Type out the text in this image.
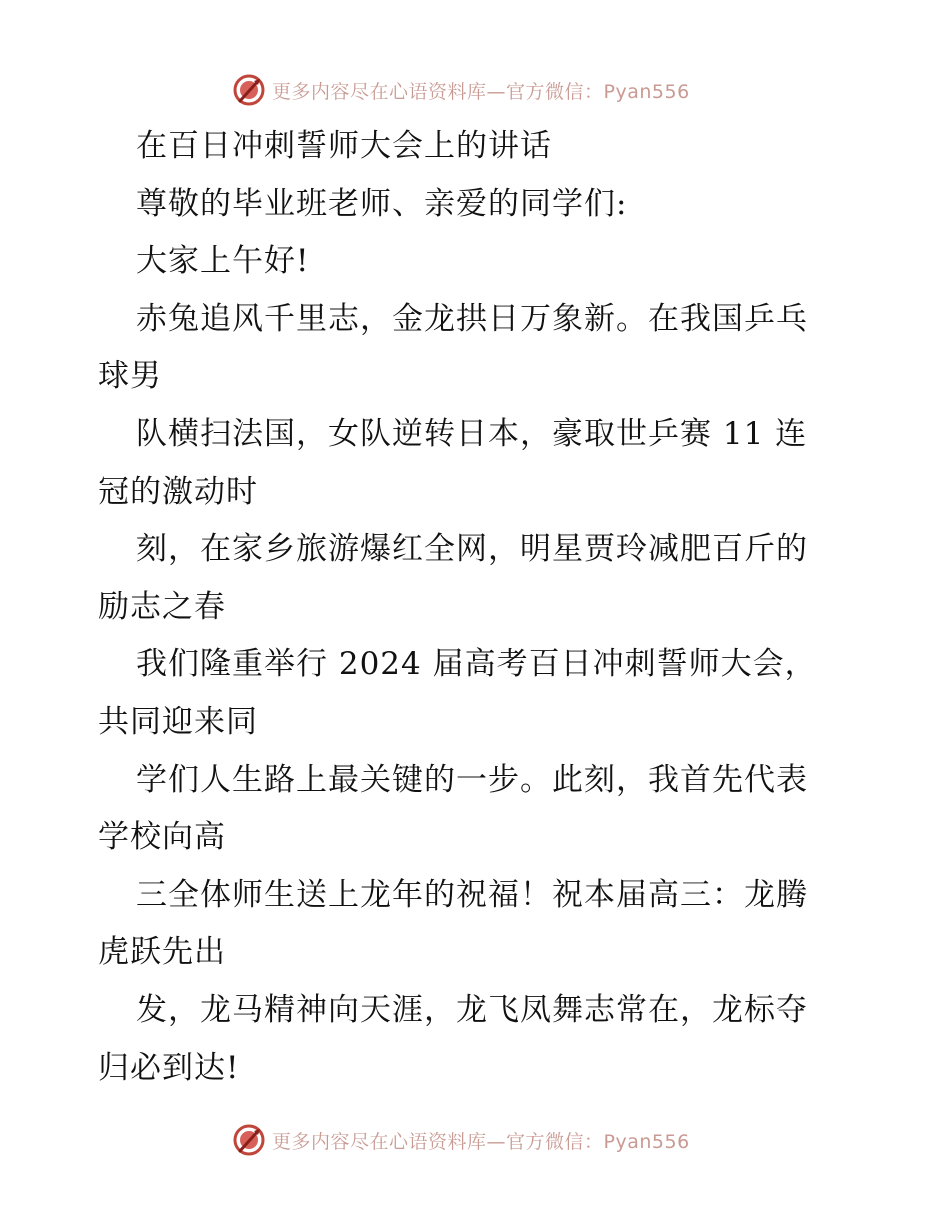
更多内容尽在心语资料库—官方微信：Pyan556
在百日冲刺誓师大会上的讲话
尊敬的毕业班老师、亲爱的同学们:
大家上午好!
赤兔追风千里志，金龙拱日万象新。在我国乒乓
球男
队横扫法国，女队逆转日本，豪取世乒赛 11 连
冠的激动时
刻，在家乡旅游爆红全网，明星贾玲减肥百斤的
励志之春
我们隆重举行 2024 届高考百日冲刺誓师大会，
共同迎来同
学们人生路上最关键的一步。此刻，我首先代表
学校向高
三全体师生送上龙年的祝福！祝本届高三：龙腾
虎跃先出
发，龙马精神向天涯，龙飞凤舞志常在，龙标夺
归必到达!
更多内容尽在心语资料库—官方微信：Pyan556
